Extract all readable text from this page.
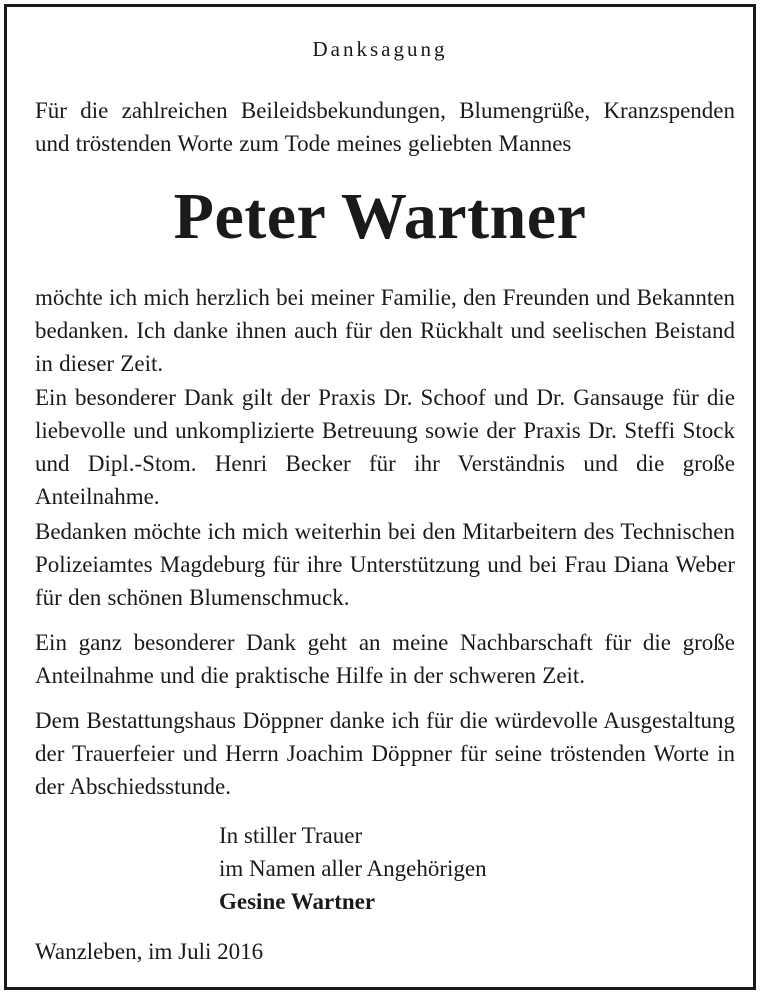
Danksagung
Für die zahlreichen Beileidsbekundungen, Blumengrüße, Kranzspenden und tröstenden Worte zum Tode meines geliebten Mannes
Peter Wartner
möchte ich mich herzlich bei meiner Familie, den Freunden und Bekannten bedanken. Ich danke ihnen auch für den Rückhalt und seelischen Beistand in dieser Zeit.
Ein besonderer Dank gilt der Praxis Dr. Schoof und Dr. Gansauge für die liebevolle und unkomplizierte Betreuung sowie der Praxis Dr. Steffi Stock und Dipl.-Stom. Henri Becker für ihr Verständnis und die große Anteilnahme.
Bedanken möchte ich mich weiterhin bei den Mitarbeitern des Technischen Polizeiamtes Magdeburg für ihre Unterstützung und bei Frau Diana Weber für den schönen Blumenschmuck.
Ein ganz besonderer Dank geht an meine Nachbarschaft für die große Anteilnahme und die praktische Hilfe in der schweren Zeit.
Dem Bestattungshaus Döppner danke ich für die würdevolle Ausgestaltung der Trauerfeier und Herrn Joachim Döppner für seine tröstenden Worte in der Abschiedsstunde.
In stiller Trauer
im Namen aller Angehörigen
Gesine Wartner
Wanzleben, im Juli 2016
